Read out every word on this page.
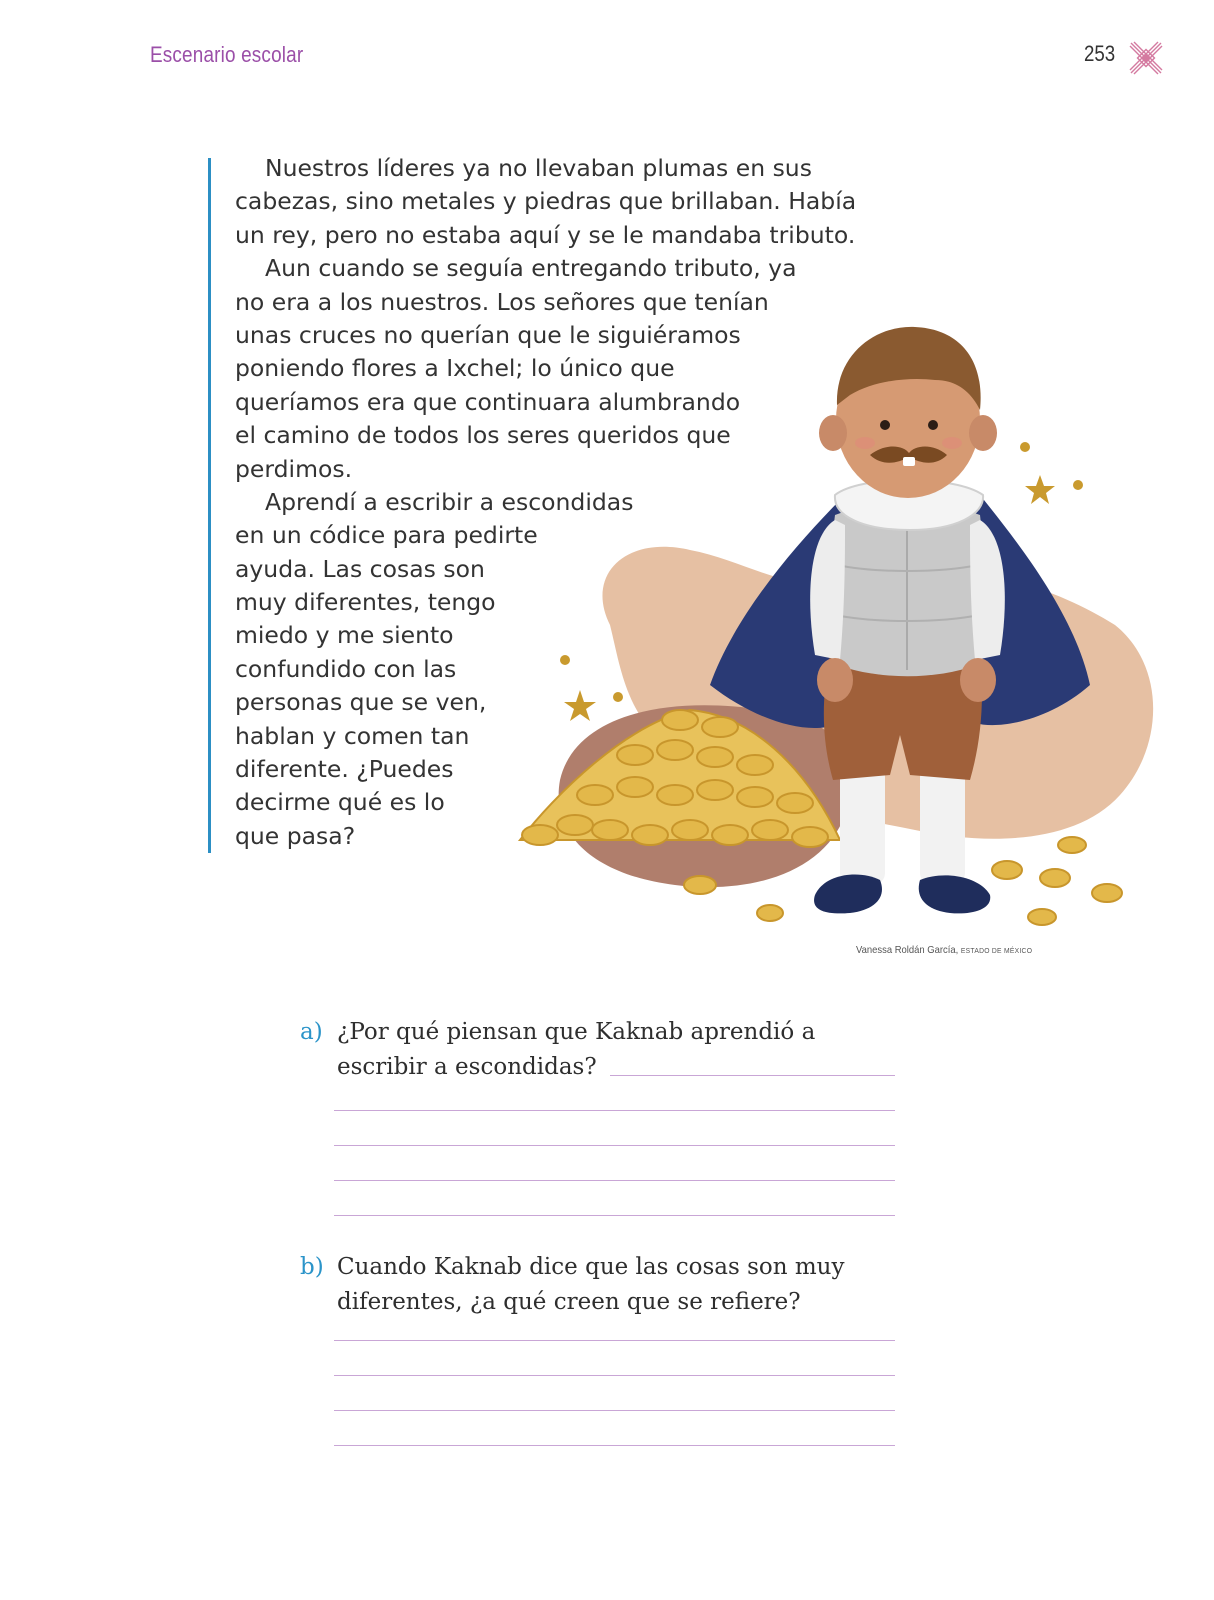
Escenario escolar	253
Nuestros líderes ya no llevaban plumas en sus
cabezas, sino metales y piedras que brillaban. Había
un rey, pero no estaba aquí y se le mandaba tributo.
Aun cuando se seguía entregando tributo, ya
no era a los nuestros. Los señores que tenían
unas cruces no querían que le siguiéramos
poniendo flores a Ixchel; lo único que
queríamos era que continuara alumbrando
el camino de todos los seres queridos que
perdimos.
Aprendí a escribir a escondidas
en un códice para pedirte
ayuda. Las cosas son
muy diferentes, tengo
miedo y me siento
confundido con las
personas que se ven,
hablan y comen tan
diferente. ¿Puedes
decirme qué es lo
que pasa?
Vanessa Roldán García, ESTADO DE MÉXICO
a) ¿Por qué piensan que Kaknab aprendió a
escribir a escondidas?
b) Cuando Kaknab dice que las cosas son muy
diferentes, ¿a qué creen que se refiere?
